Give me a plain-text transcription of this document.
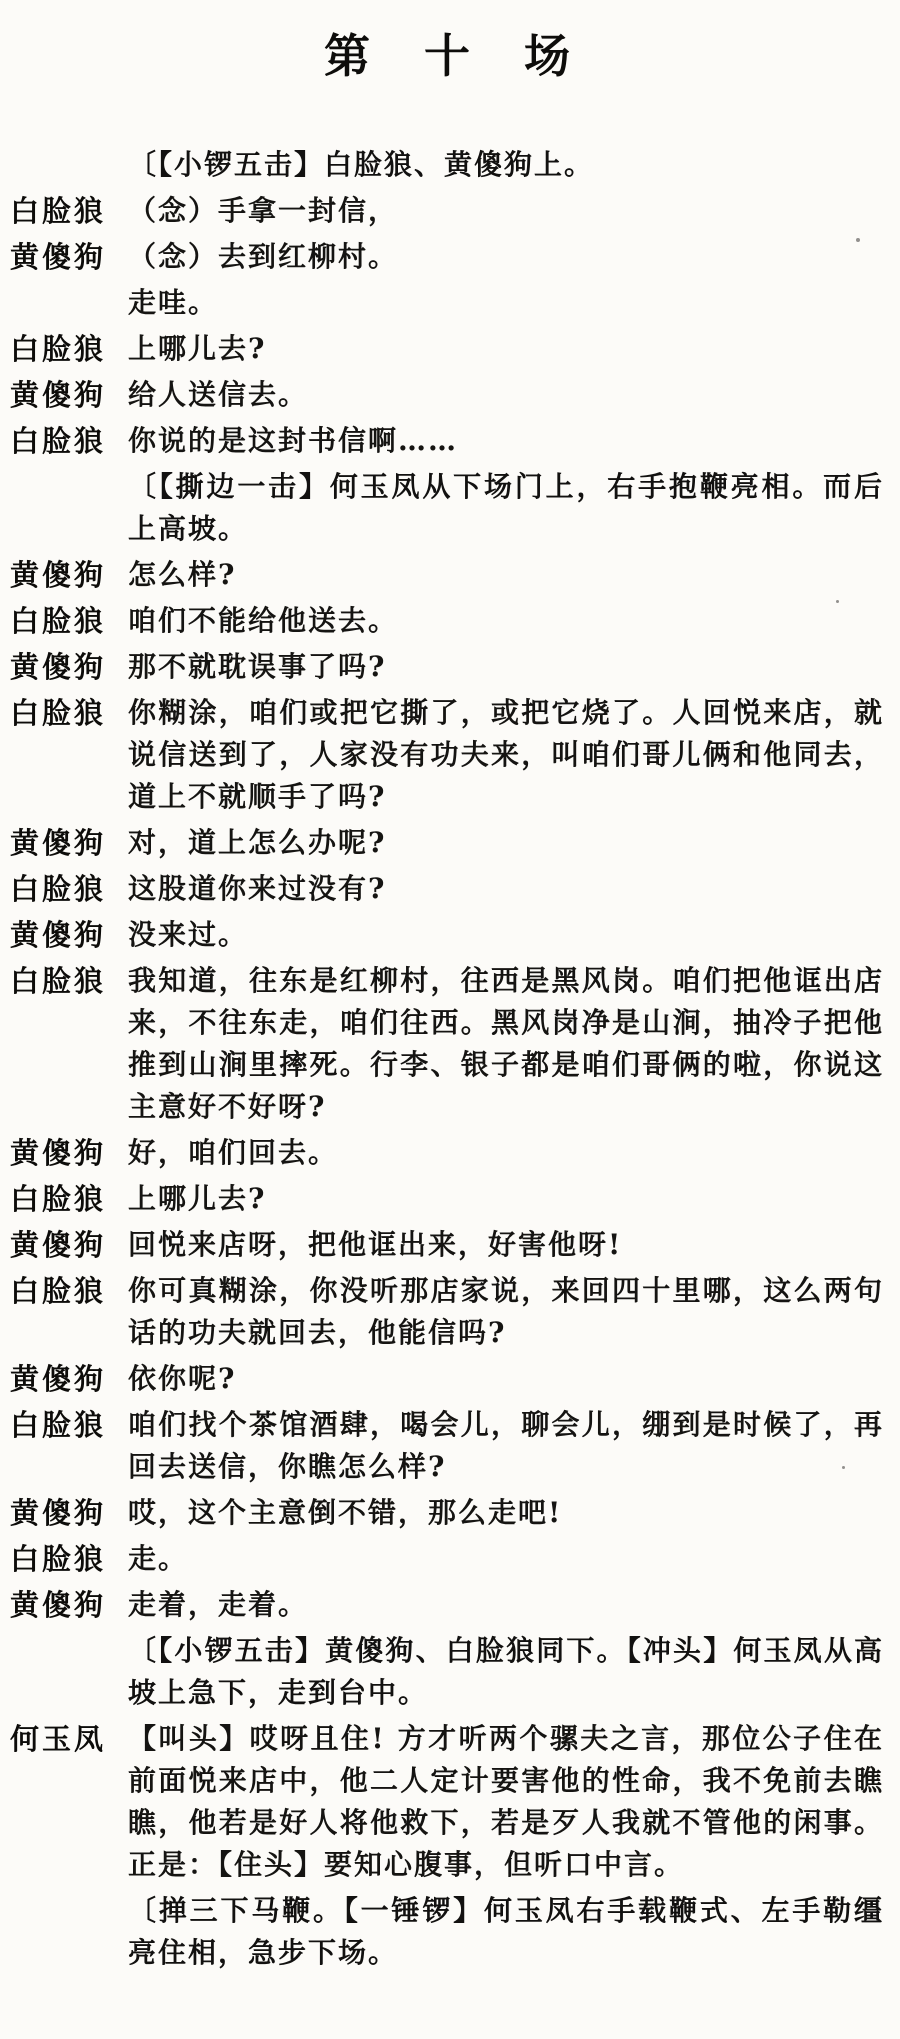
第　十　场
〔【小锣五击】白脸狼、黄傻狗上。
白脸狼 （念）手拿一封信，
黄傻狗 （念）去到红柳村。
走哇。
白脸狼 上哪儿去?
黄傻狗 给人送信去。
白脸狼 你说的是这封书信啊……
〔【撕边一击】何玉凤从下场门上，右手抱鞭亮相。而后上高坡。
黄傻狗 怎么样?
白脸狼 咱们不能给他送去。
黄傻狗 那不就耽误事了吗?
白脸狼 你糊涂，咱们或把它撕了，或把它烧了。人回悦来店，就说信送到了，人家没有功夫来，叫咱们哥儿俩和他同去，道上不就顺手了吗?
黄傻狗 对，道上怎么办呢?
白脸狼 这股道你来过没有?
黄傻狗 没来过。
白脸狼 我知道，往东是红柳村，往西是黑风岗。咱们把他诓出店来，不往东走，咱们往西。黑风岗净是山涧，抽冷子把他推到山涧里摔死。行李、银子都是咱们哥俩的啦，你说这主意好不好呀?
黄傻狗 好，咱们回去。
白脸狼 上哪儿去?
黄傻狗 回悦来店呀，把他诓出来，好害他呀!
白脸狼 你可真糊涂，你没听那店家说，来回四十里哪，这么两句话的功夫就回去，他能信吗?
黄傻狗 依你呢?
白脸狼 咱们找个茶馆酒肆，喝会儿，聊会儿，绷到是时候了，再回去送信，你瞧怎么样?
黄傻狗 哎，这个主意倒不错，那么走吧!
白脸狼 走。
黄傻狗 走着，走着。
〔【小锣五击】黄傻狗、白脸狼同下。【冲头】何玉凤从高坡上急下，走到台中。
何玉凤 【叫头】哎呀且住! 方才听两个骡夫之言，那位公子住在前面悦来店中，他二人定计要害他的性命，我不免前去瞧瞧，他若是好人将他救下，若是歹人我就不管他的闲事。正是：【住头】要知心腹事，但听口中言。
〔掸三下马鞭。【一锤锣】何玉凤右手载鞭式、左手勒缰亮住相，急步下场。
